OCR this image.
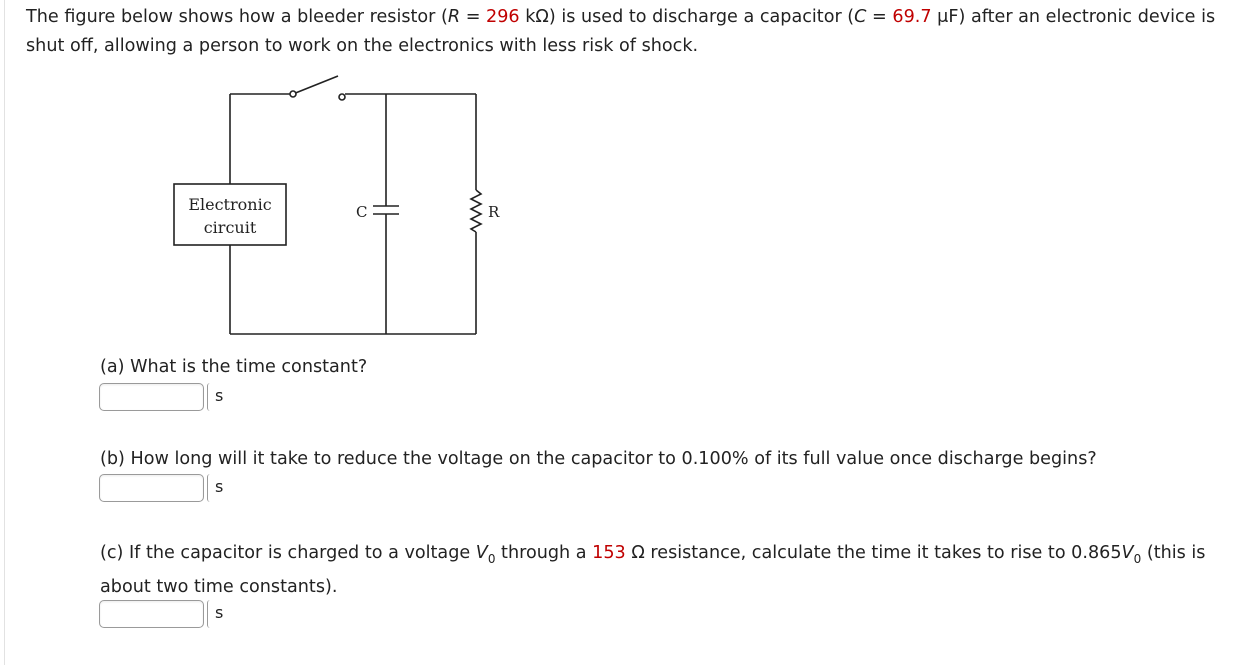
The figure below shows how a bleeder resistor (R = 296 kΩ) is used to discharge a capacitor (C = 69.7 μF) after an electronic device is shut off, allowing a person to work on the electronics with less risk of shock.
Electronic
circuit
C	R
(a) What is the time constant?
s
(b) How long will it take to reduce the voltage on the capacitor to 0.100% of its full value once discharge begins?
s
(c) If the capacitor is charged to a voltage $V_0$ through a 153 Ω resistance, calculate the time it takes to rise to $0.865V_0$ (this is about two time constants).
s
